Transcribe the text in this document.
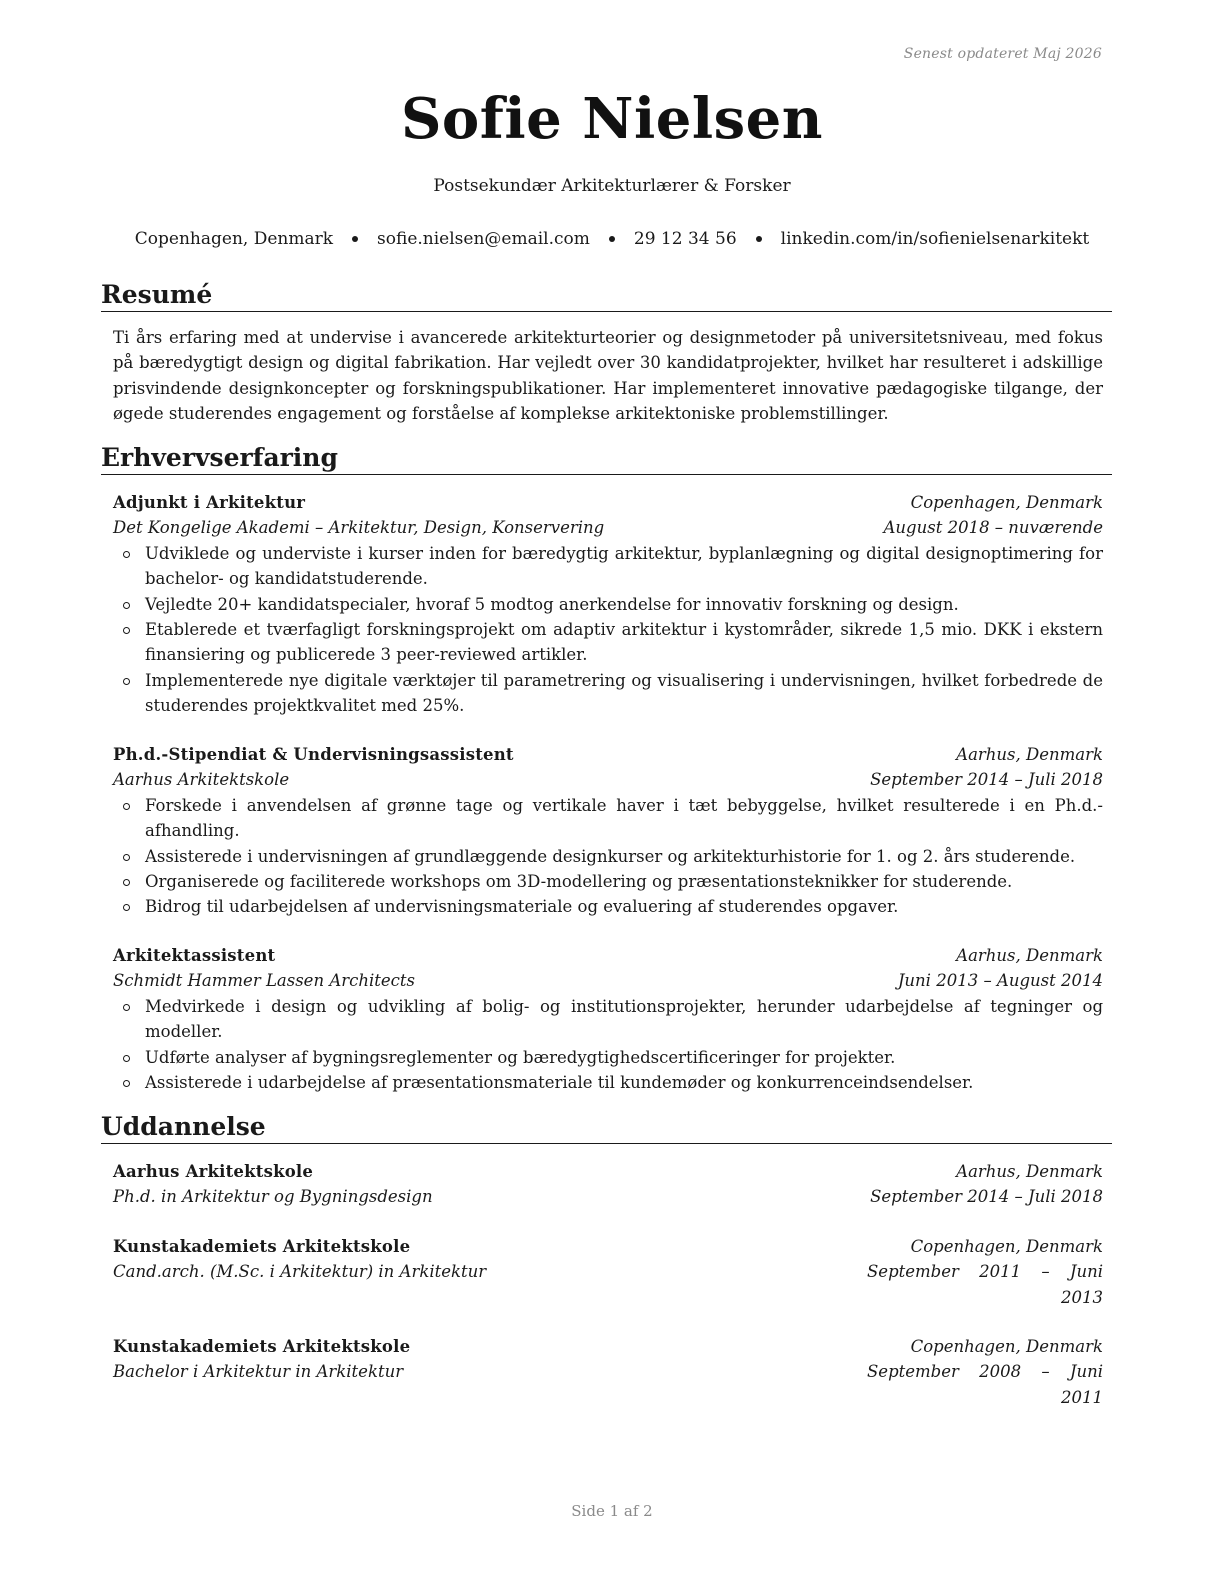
Senest opdateret Maj 2026
Sofie Nielsen
Postsekundær Arkitekturlærer & Forsker
Copenhagen, Denmark	sofie.nielsen@email.com	29 12 34 56	linkedin.com/in/sofienielsenarkitekt
Resumé
Ti års erfaring med at undervise i avancerede arkitekturteorier og designmetoder på universitetsniveau, med fokus på bæredygtigt design og digital fabrikation. Har vejledt over 30 kandidatprojekter, hvilket har resulteret i adskillige prisvindende designkoncepter og forskningspublikationer. Har implementeret innovative pædagogiske tilgange, der øgede studerendes engagement og forståelse af komplekse arkitektoniske problemstillinger.
Erhvervserfaring
Adjunkt i Arkitektur	Copenhagen, Denmark
Det Kongelige Akademi – Arkitektur, Design, Konservering	August 2018 – nuværende
Udviklede og underviste i kurser inden for bæredygtig arkitektur, byplanlægning og digital designoptimering for bachelor- og kandidatstuderende.
Vejledte 20+ kandidatspecialer, hvoraf 5 modtog anerkendelse for innovativ forskning og design.
Etablerede et tværfagligt forskningsprojekt om adaptiv arkitektur i kystområder, sikrede 1,5 mio. DKK i ekstern finansiering og publicerede 3 peer-reviewed artikler.
Implementerede nye digitale værktøjer til parametrering og visualisering i undervisningen, hvilket forbedrede de studerendes projektkvalitet med 25%.
Ph.d.-Stipendiat & Undervisningsassistent	Aarhus, Denmark
Aarhus Arkitektskole	September 2014 – Juli 2018
Forskede i anvendelsen af grønne tage og vertikale haver i tæt bebyggelse, hvilket resulterede i en Ph.d.-afhandling.
Assisterede i undervisningen af grundlæggende designkurser og arkitekturhistorie for 1. og 2. års studerende.
Organiserede og faciliterede workshops om 3D-modellering og præsentationsteknikker for studerende.
Bidrog til udarbejdelsen af undervisningsmateriale og evaluering af studerendes opgaver.
Arkitektassistent	Aarhus, Denmark
Schmidt Hammer Lassen Architects	Juni 2013 – August 2014
Medvirkede i design og udvikling af bolig- og institutionsprojekter, herunder udarbejdelse af tegninger og modeller.
Udførte analyser af bygningsreglementer og bæredygtighedscertificeringer for projekter.
Assisterede i udarbejdelse af præsentationsmateriale til kundemøder og konkurrenceindsendelser.
Uddannelse
Aarhus Arkitektskole	Aarhus, Denmark
Ph.d. in Arkitektur og Bygningsdesign	September 2014 – Juli 2018
Kunstakademiets Arkitektskole	Copenhagen, Denmark
Cand.arch. (M.Sc. i Arkitektur) in Arkitektur	September 2011 – Juni 2013
Kunstakademiets Arkitektskole	Copenhagen, Denmark
Bachelor i Arkitektur in Arkitektur	September 2008 – Juni 2011
Side 1 af 2
